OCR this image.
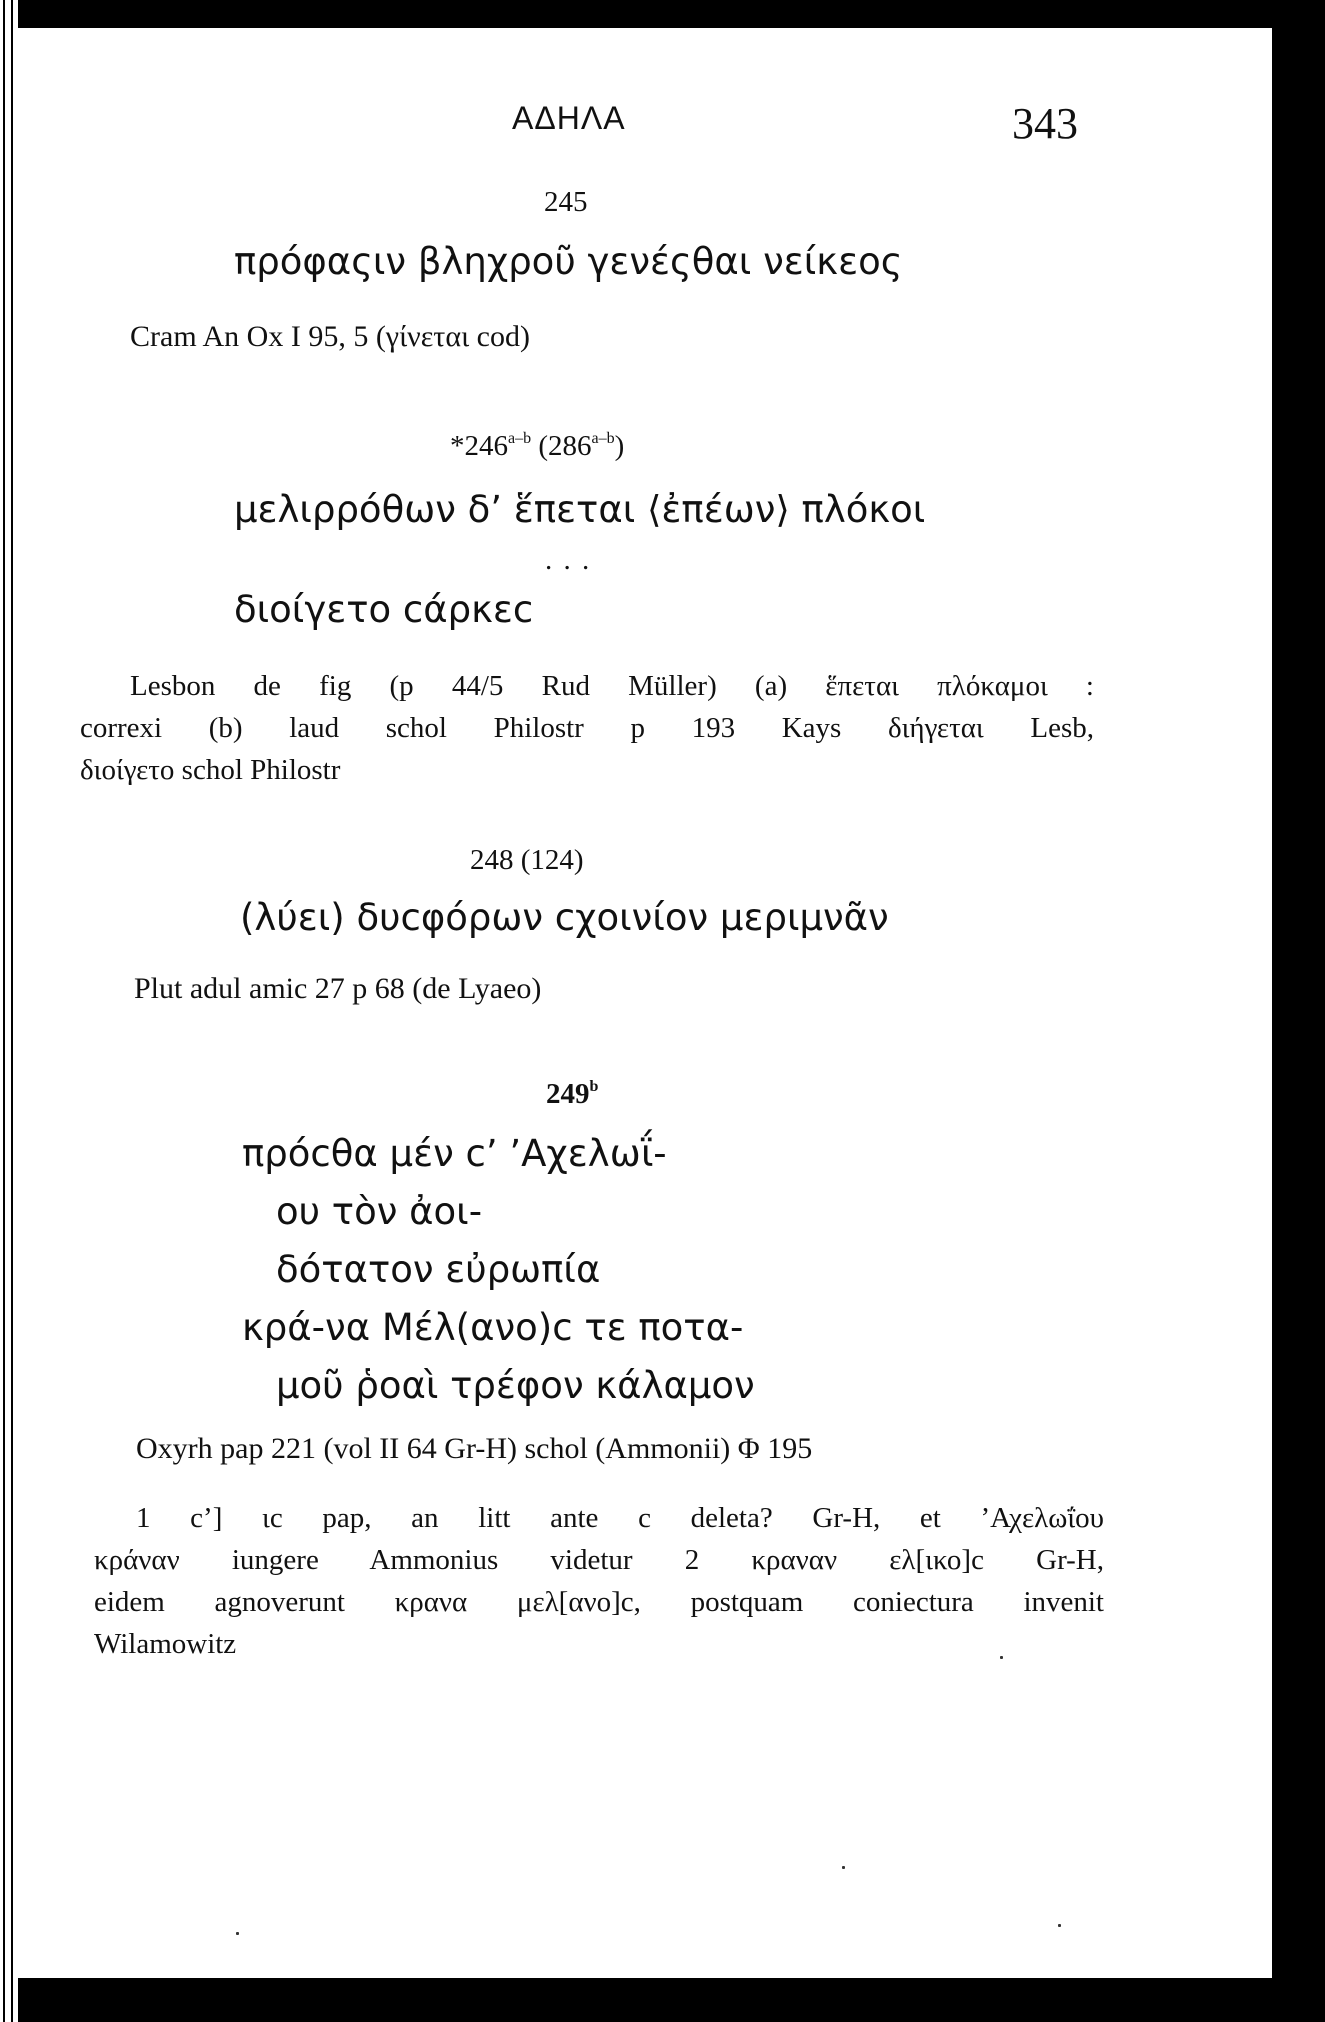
ΑΔΗΛΑ	343
245
πρόφαςιν βληχροῦ γενέςθαι νείκεος
Cram An Ox I 95, 5 (γίνεται cod)
*246$^{a-b}$ (286$^{a-b}$)
μελιρρόθων δʼ ἕπεται ⟨ἐπέων⟩ πλόκοι
. . .
διοίγετο cάρκεc
Lesbon de fig (p 44/5 Rud Müller) (a) ἕπεται πλόκαμοι :
correxi (b) laud schol Philostr p 193 Kays διήγεται Lesb,
διοίγετο schol Philostr
248 (124)
(λύει) δυcφόρων cχοινίον μεριμνᾶν
Plut adul amic 27 p 68 (de Lyaeo)
249$^b$
πρόcθα μέν cʼ ʼΑχελωΐ-
ου τὸν ἀοι-
δότατον εὐρωπία
κρά-να Μέλ(ανο)c τε ποτα-
μοῦ ῥοαὶ τρέφον κάλαμον
Oxyrh pap 221 (vol II 64 Gr-H) schol (Ammonii) Φ 195
1 cʼ] ιc pap, an litt ante c deleta? Gr-H, et ʼΑχελωΐου
κράναν iungere Ammonius videtur 2 κραναν ελ[ικο]c Gr-H,
eidem agnoverunt κρανα μελ[ανο]c, postquam coniectura invenit
Wilamowitz
